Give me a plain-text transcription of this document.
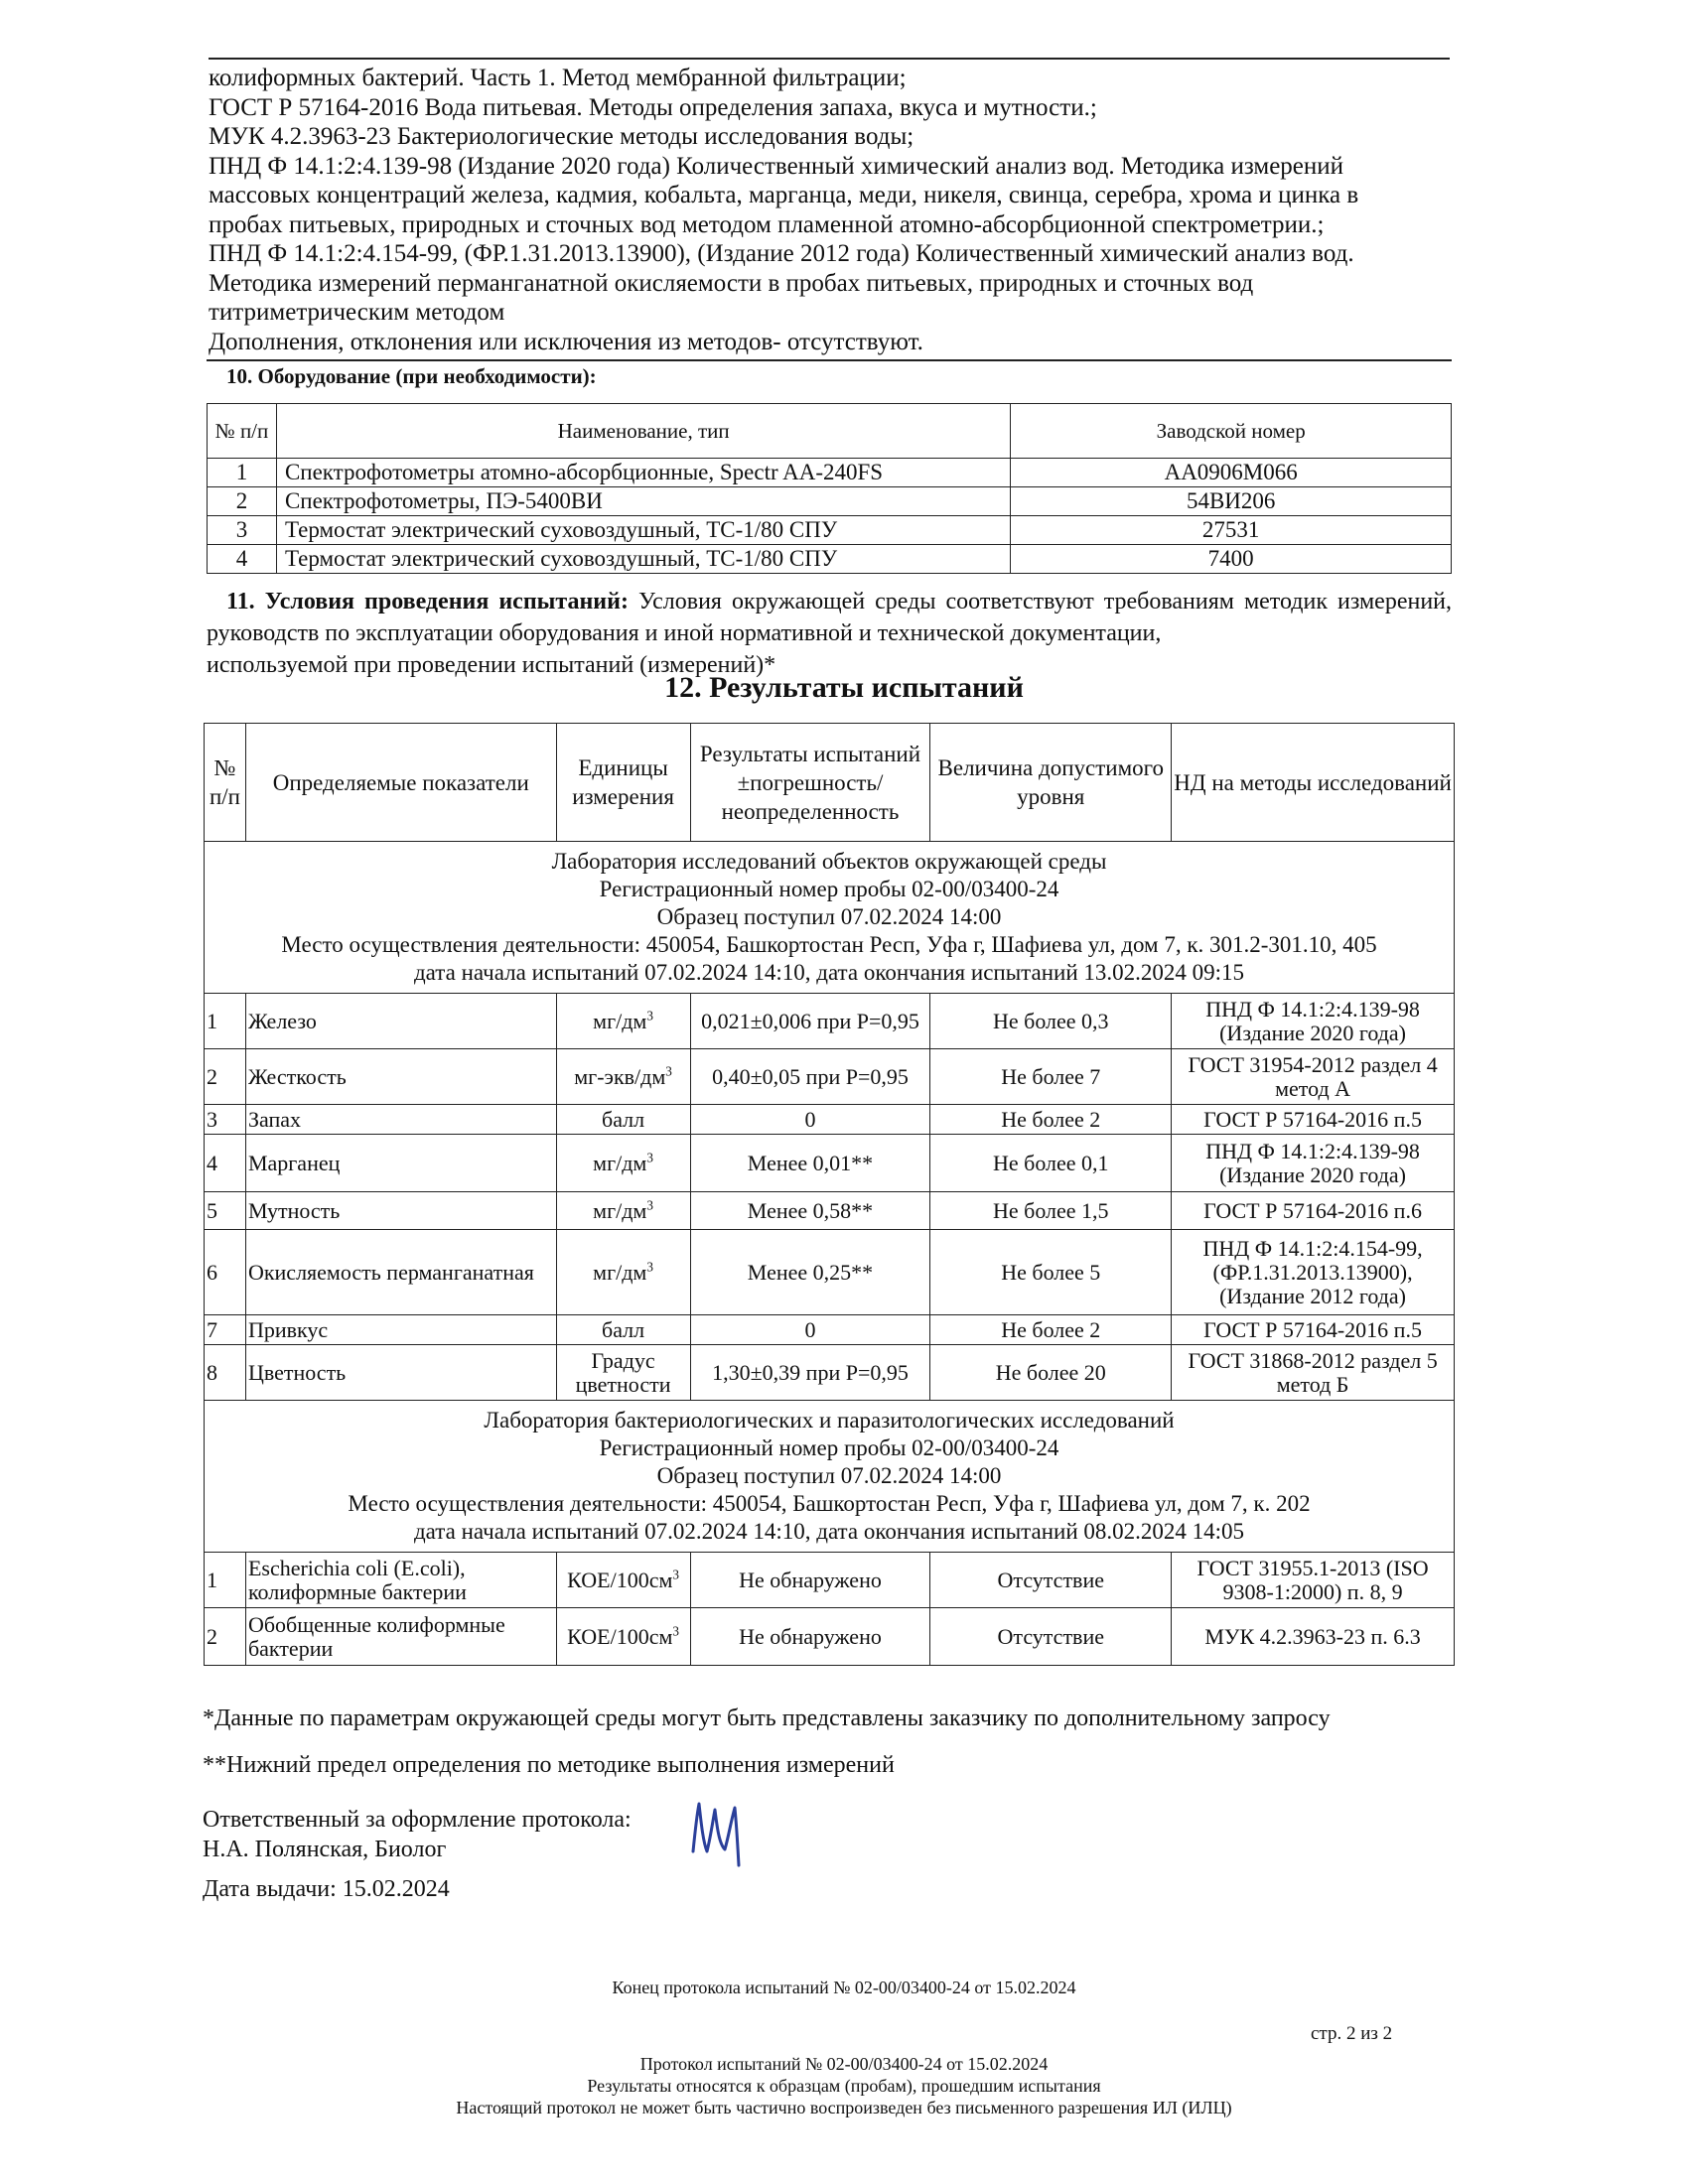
колиформных бактерий. Часть 1. Метод мембранной фильтрации;
ГОСТ Р 57164-2016 Вода питьевая. Методы определения запаха, вкуса и мутности.;
МУК 4.2.3963-23 Бактериологические методы исследования воды;
ПНД Ф 14.1:2:4.139-98 (Издание 2020 года) Количественный химический анализ вод. Методика измерений
массовых концентраций железа, кадмия, кобальта, марганца, меди, никеля, свинца, серебра, хрома и цинка в
пробах питьевых, природных и сточных вод методом пламенной атомно-абсорбционной спектрометрии.;
ПНД Ф 14.1:2:4.154-99, (ФР.1.31.2013.13900), (Издание 2012 года) Количественный химический анализ вод.
Методика измерений перманганатной окисляемости в пробах питьевых, природных и сточных вод
титриметрическим методом
Дополнения, отклонения или исключения из методов- отсутствуют.
10. Оборудование (при необходимости):
№ п/п	Наименование, тип	Заводской номер
1	Спектрофотометры атомно-абсорбционные, Spectr AA-240FS	AA0906M066
2	Спектрофотометры, ПЭ-5400ВИ	54ВИ206
3	Термостат электрический суховоздушный, ТС-1/80 СПУ	27531
4	Термостат электрический суховоздушный, ТС-1/80 СПУ	7400
11. Условия проведения испытаний: Условия окружающей среды соответствуют требованиям методик измерений, руководств по эксплуатации оборудования и иной нормативной и технической документации,
используемой при проведении испытаний (измерений)*
12. Результаты испытаний
№ п/п	Определяемые показатели	Единицы измерения	Результаты испытаний ±погрешность/ неопределенность	Величина допустимого уровня	НД на методы исследований

Лаборатория исследований объектов окружающей среды
Регистрационный номер пробы 02-00/03400-24
Образец поступил 07.02.2024 14:00
Место осуществления деятельности: 450054, Башкортостан Респ, Уфа г, Шафиева ул, дом 7, к. 301.2-301.10, 405
дата начала испытаний 07.02.2024 14:10, дата окончания испытаний 13.02.2024 09:15					

1	Железо	$мг/дм^3$	0,021±0,006 при P=0,95	Не более 0,3	ПНД Ф 14.1:2:4.139-98 (Издание 2020 года)
2	Жесткость	$мг-экв/дм^3$	0,40±0,05 при P=0,95	Не более 7	ГОСТ 31954-2012 раздел 4 метод А
3	Запах	балл	0	Не более 2	ГОСТ Р 57164-2016 п.5
4	Марганец	$мг/дм^3$	Менее 0,01**	Не более 0,1	ПНД Ф 14.1:2:4.139-98 (Издание 2020 года)
5	Мутность	$мг/дм^3$	Менее 0,58**	Не более 1,5	ГОСТ Р 57164-2016 п.6
6	Окисляемость перманганатная	$мг/дм^3$	Менее 0,25**	Не более 5	ПНД Ф 14.1:2:4.154-99, (ФР.1.31.2013.13900), (Издание 2012 года)
7	Привкус	балл	0	Не более 2	ГОСТ Р 57164-2016 п.5
8	Цветность	Градус цветности	1,30±0,39 при P=0,95	Не более 20	ГОСТ 31868-2012 раздел 5 метод Б

Лаборатория бактериологических и паразитологических исследований
Регистрационный номер пробы 02-00/03400-24
Образец поступил 07.02.2024 14:00
Место осуществления деятельности: 450054, Башкортостан Респ, Уфа г, Шафиева ул, дом 7, к. 202
дата начала испытаний 07.02.2024 14:10, дата окончания испытаний 08.02.2024 14:05					

1	Escherichia coli (E.coli), колиформные бактерии	КОЕ/$100см^3$	Не обнаружено	Отсутствие	ГОСТ 31955.1-2013 (ISO 9308-1:2000) п. 8, 9
2	Обобщенные колиформные бактерии	КОЕ/$100см^3$	Не обнаружено	Отсутствие	МУК 4.2.3963-23 п. 6.3
*Данные по параметрам окружающей среды могут быть представлены заказчику по дополнительному запросу
**Нижний предел определения по методике выполнения измерений
Ответственный за оформление протокола:
Н.А. Полянская, Биолог
Дата выдачи: 15.02.2024
Конец протокола испытаний № 02-00/03400-24 от 15.02.2024
стр. 2 из 2
Протокол испытаний № 02-00/03400-24 от 15.02.2024
Результаты относятся к образцам (пробам), прошедшим испытания
Настоящий протокол не может быть частично воспроизведен без письменного разрешения ИЛ (ИЛЦ)
